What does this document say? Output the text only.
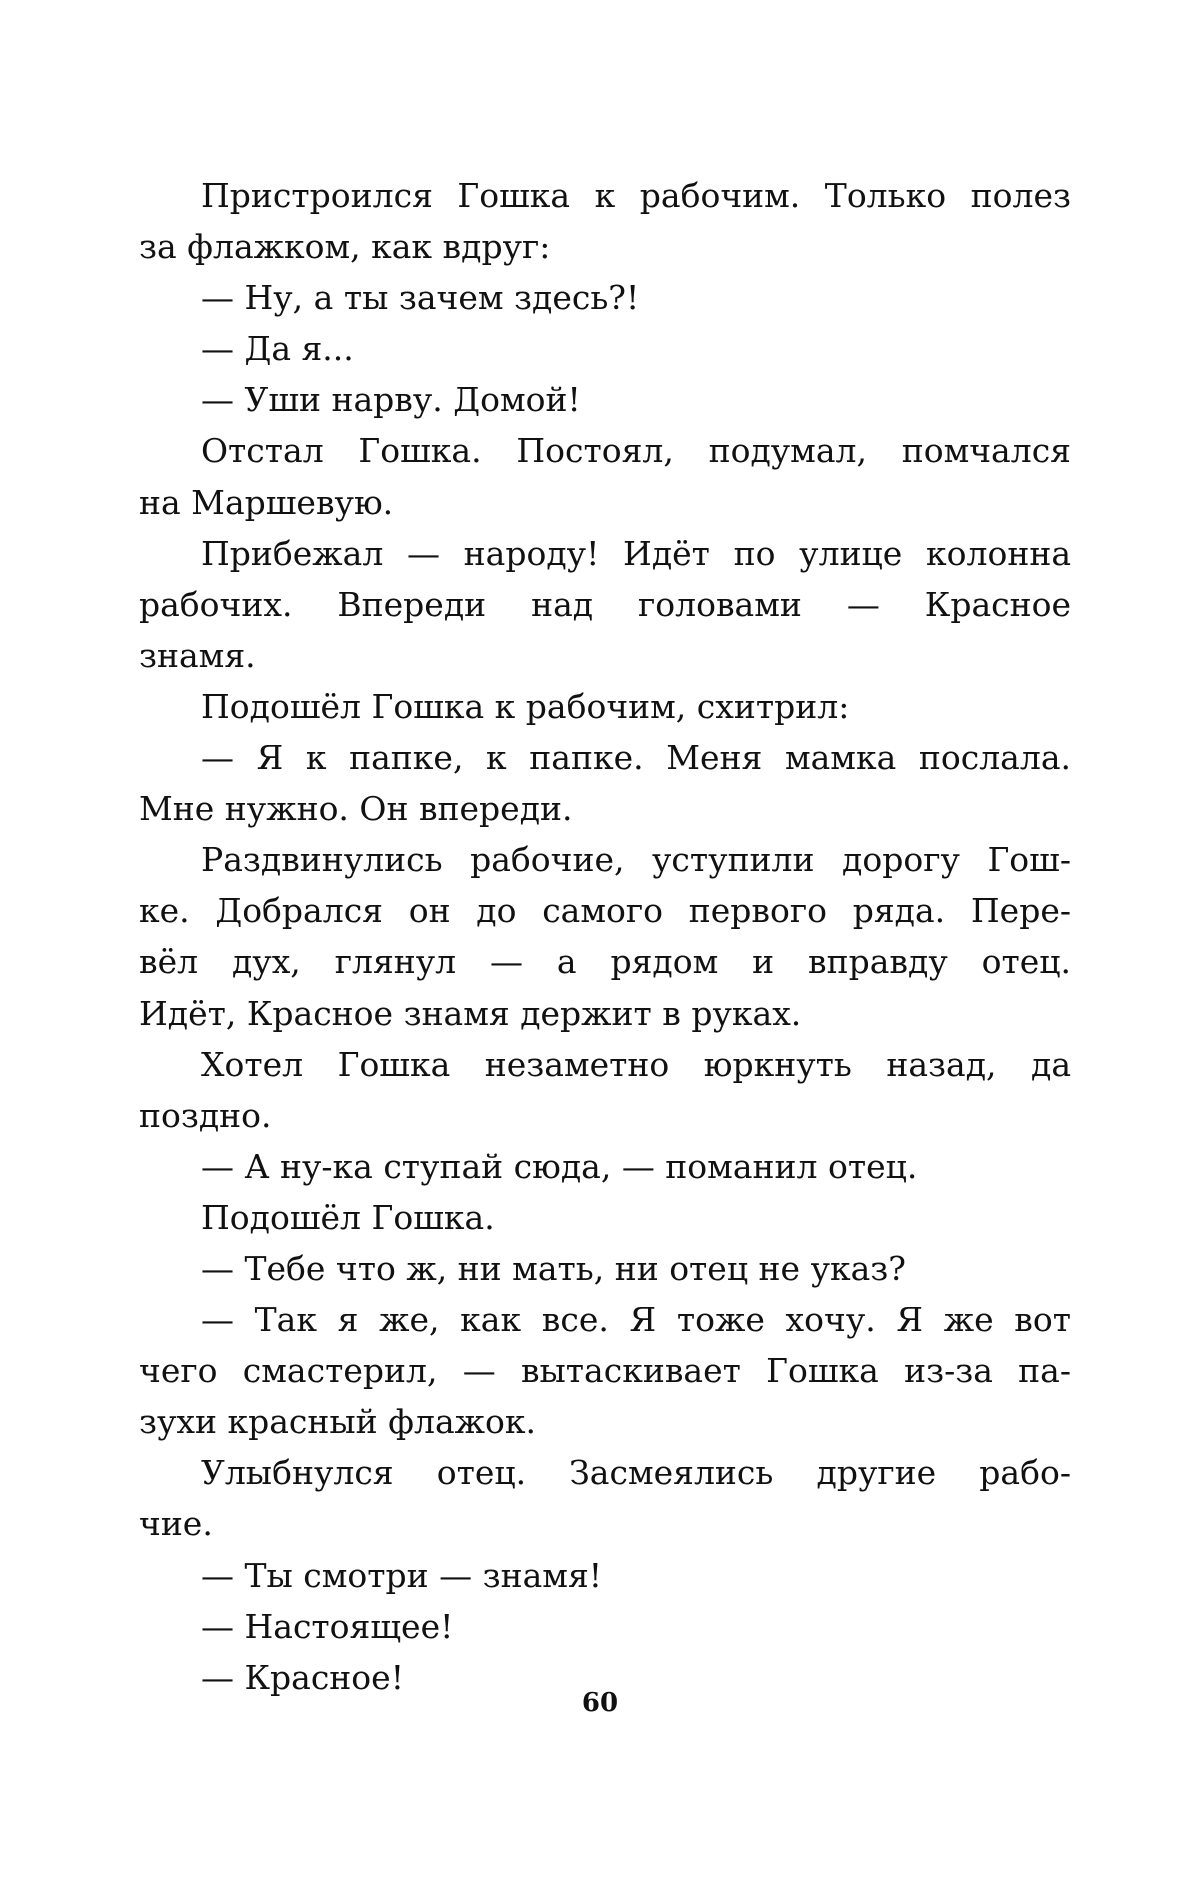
Пристроился Гошка к рабочим. Только полез
за флажком, как вдруг:
— Ну, а ты зачем здесь?!
— Да я...
— Уши нарву. Домой!
Отстал Гошка. Постоял, подумал, помчался
на Маршевую.
Прибежал — народу! Идёт по улице колонна
рабочих. Впереди над головами — Красное
знамя.
Подошёл Гошка к рабочим, схитрил:
— Я к папке, к папке. Меня мамка послала.
Мне нужно. Он впереди.
Раздвинулись рабочие, уступили дорогу Гош-
ке. Добрался он до самого первого ряда. Пере-
вёл дух, глянул — а рядом и вправду отец.
Идёт, Красное знамя держит в руках.
Хотел Гошка незаметно юркнуть назад, да
поздно.
— А ну-ка ступай сюда, — поманил отец.
Подошёл Гошка.
— Тебе что ж, ни мать, ни отец не указ?
— Так я же, как все. Я тоже хочу. Я же вот
чего смастерил, — вытаскивает Гошка из-за па-
зухи красный флажок.
Улыбнулся отец. Засмеялись другие рабо-
чие.
— Ты смотри — знамя!
— Настоящее!
— Красное!
60
